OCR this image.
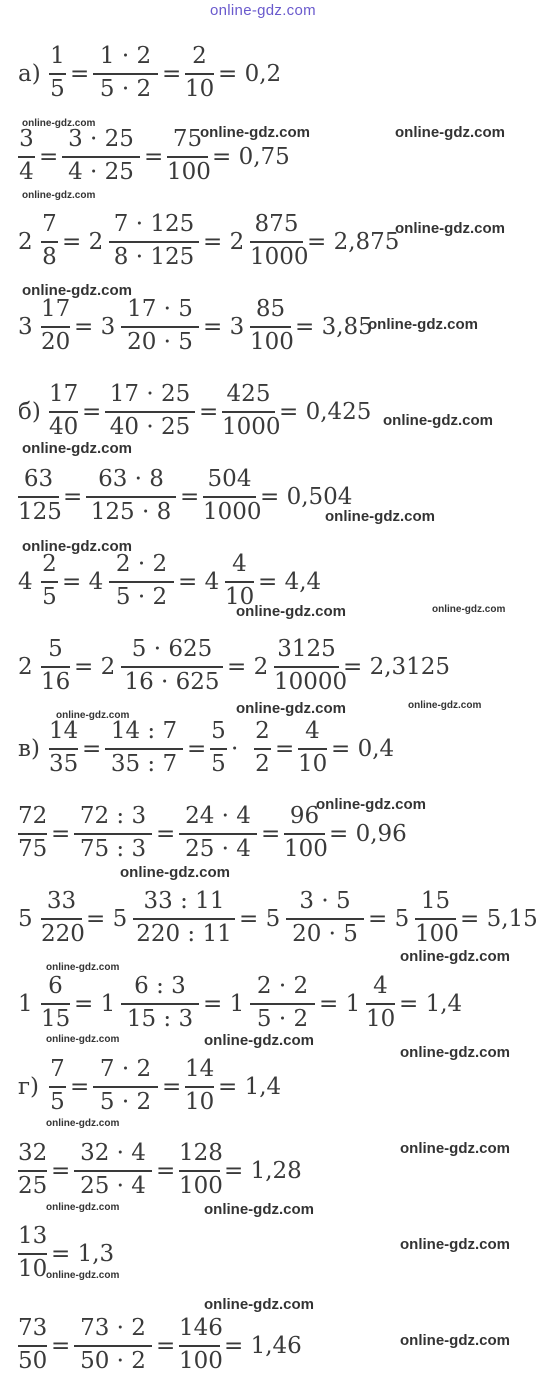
online-gdz.com
а)
1
5
=
1 · 2
5 · 2
=
2
10
= 0,2
3
4
=
3 · 25
4 · 25
=
75
100
= 0,75
2
7
8
= 2
7 · 125
8 · 125
= 2
875
1000
= 2,875
3
17
20
= 3
17 · 5
20 · 5
= 3
85
100
= 3,85
б)
17
40
=
17 · 25
40 · 25
=
425
1000
= 0,425
63
125
=
63 · 8
125 · 8
=
504
1000
= 0,504
4
2
5
= 4
2 · 2
5 · 2
= 4
4
10
= 4,4
2
5
16
= 2
5 · 625
16 · 625
= 2
3125
10000
= 2,3125
в)
14
35
=
14 : 7
35 : 7
=
5
5
·
2
2
=
4
10
= 0,4
72
75
=
72 : 3
75 : 3
=
24 · 4
25 · 4
=
96
100
= 0,96
5
33
220
= 5
33 : 11
220 : 11
= 5
3 · 5
20 · 5
= 5
15
100
= 5,15
1
6
15
= 1
6 : 3
15 : 3
= 1
2 · 2
5 · 2
= 1
4
10
= 1,4
г)
7
5
=
7 · 2
5 · 2
=
14
10
= 1,4
32
25
=
32 · 4
25 · 4
=
128
100
= 1,28
13
10
= 1,3
73
50
=
73 · 2
50 · 2
=
146
100
= 1,46
online-gdz.com
online-gdz.com	online-gdz.com
online-gdz.com
online-gdz.com
online-gdz.com
online-gdz.com
online-gdz.com
online-gdz.com
online-gdz.com
online-gdz.com
online-gdz.com	online-gdz.com
online-gdz.com
online-gdz.com
online-gdz.com
online-gdz.com
online-gdz.com
online-gdz.com
online-gdz.com
online-gdz.com
online-gdz.com
online-gdz.com
online-gdz.com
online-gdz.com
online-gdz.com	online-gdz.com
online-gdz.com
online-gdz.com
online-gdz.com
online-gdz.com
